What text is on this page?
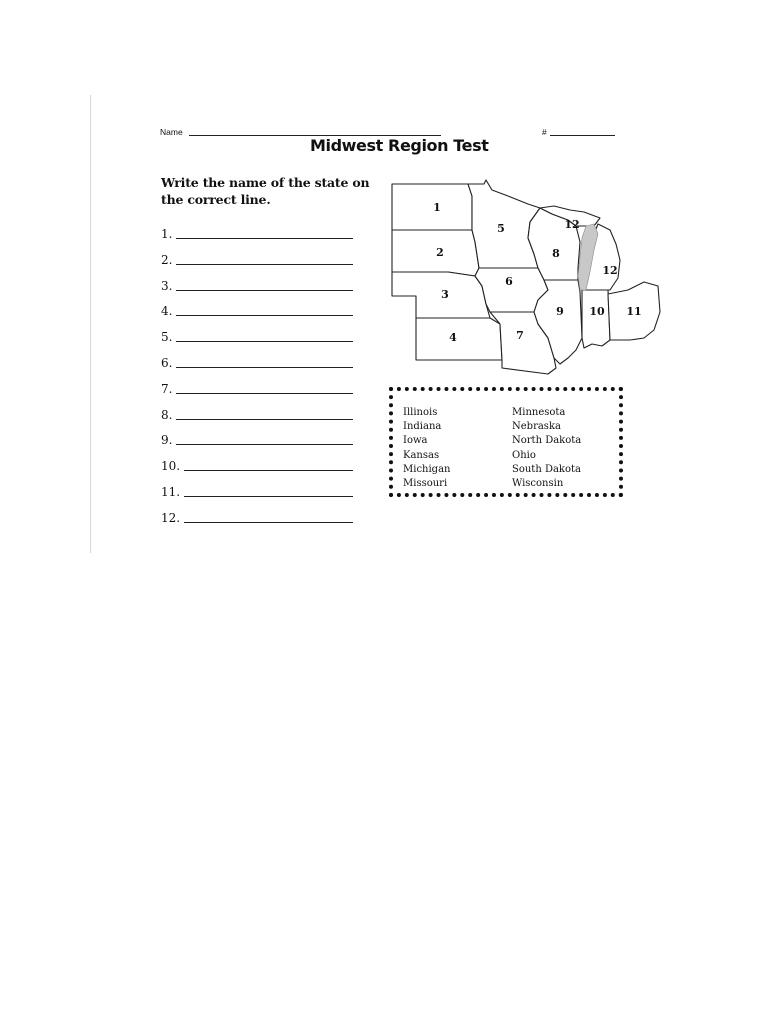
Name	#
Midwest Region Test

Write the name of the state on the correct line.

1.
2.
3.
4.
5.
6.
7.
8.
9.
10.
11.
12.
1
2
3
4
5
6
7
8
9 10 11
12
12
Illinois
Indiana
Iowa
Kansas
Michigan
Missouri
Minnesota
Nebraska
North Dakota
Ohio
South Dakota
Wisconsin
